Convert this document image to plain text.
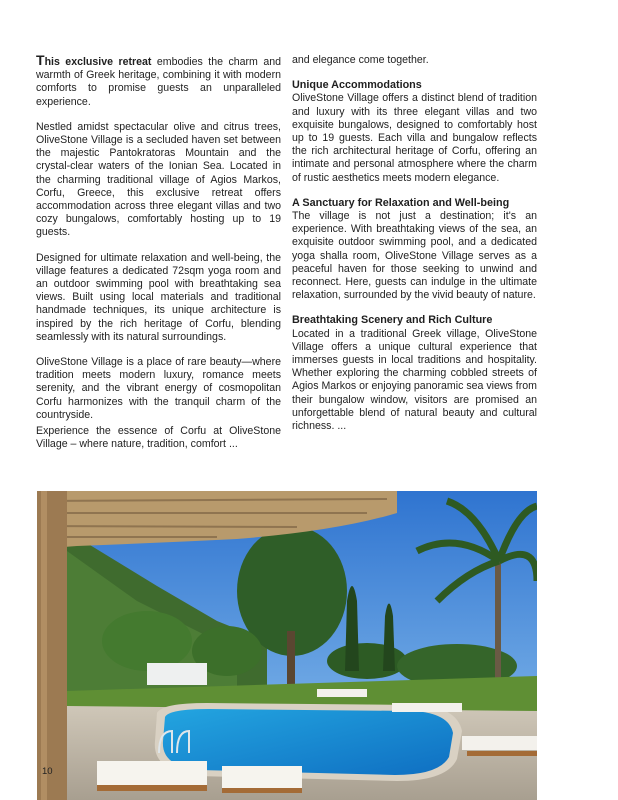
This exclusive retreat embodies the charm and warmth of Greek heritage, combining it with modern comforts to promise guests an unparalleled experience.

Nestled amidst spectacular olive and citrus trees, OliveStone Village is a secluded haven set between the majestic Pantokratoras Mountain and the crystal-clear waters of the Ionian Sea. Located in the charming traditional village of Agios Markos, Corfu, Greece, this exclusive retreat offers accommodation across three elegant villas and two cozy bungalows, comfortably hosting up to 19 guests.

Designed for ultimate relaxation and well-being, the village features a dedicated 72sqm yoga room and an outdoor swimming pool with breathtaking sea views. Built using local materials and traditional handmade techniques, its unique architecture is inspired by the rich heritage of Corfu, blending seamlessly with its natural surroundings.

OliveStone Village is a place of rare beauty—where tradition meets modern luxury, romance meets serenity, and the vibrant energy of cosmopolitan Corfu harmonizes with the tranquil charm of the countryside.

Experience the essence of Corfu at OliveStone Village – where nature, tradition, comfort ...

and elegance come together.

Unique Accommodations

OliveStone Village offers a distinct blend of tradition and luxury with its three elegant villas and two exquisite bungalows, designed to comfortably host up to 19 guests. Each villa and bungalow reflects the rich architectural heritage of Corfu, offering an intimate and personal atmosphere where the charm of rustic aesthetics meets modern elegance.

A Sanctuary for Relaxation and Well-being

The village is not just a destination; it's an experience. With breathtaking views of the sea, an exquisite outdoor swimming pool, and a dedicated yoga shalla room, OliveStone Village serves as a peaceful haven for those seeking to unwind and reconnect. Here, guests can indulge in the ultimate relaxation, surrounded by the vivid beauty of nature.

Breathtaking Scenery and Rich Culture

Located in a traditional Greek village, OliveStone Village offers a unique cultural experience that immerses guests in local traditions and hospitality. Whether exploring the charming cobbled streets of Agios Markos or enjoying panoramic sea views from their bungalow window, visitors are promised an unforgettable blend of natural beauty and cultural richness. ...

10
